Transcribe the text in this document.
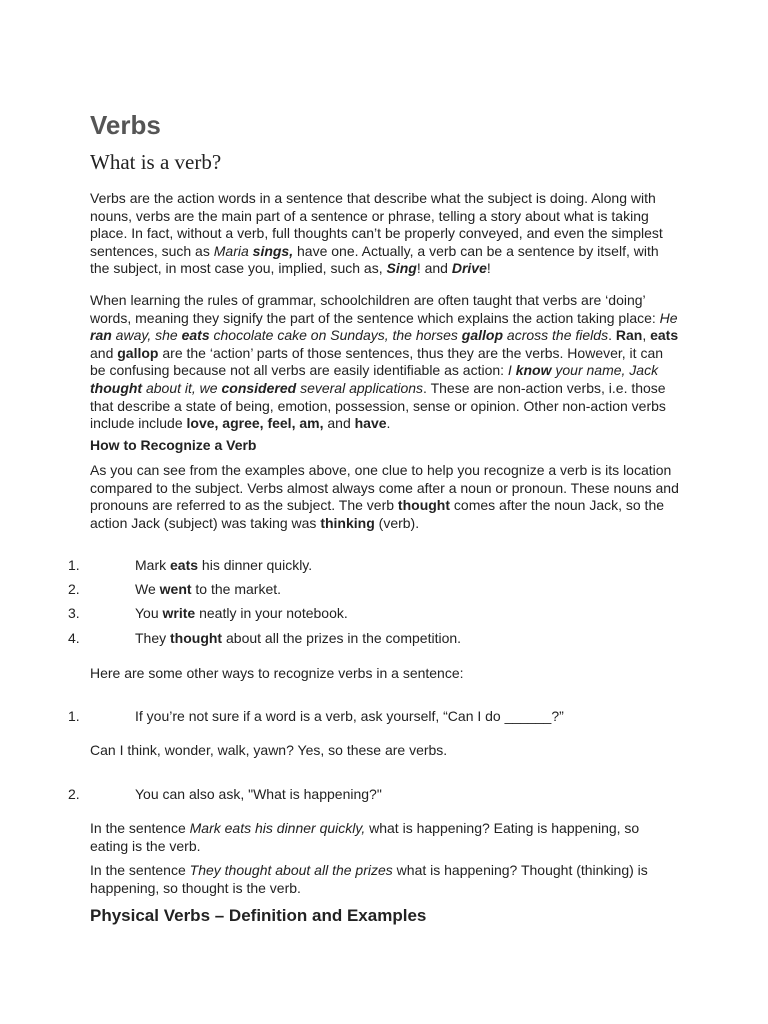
Verbs
What is a verb?
Verbs are the action words in a sentence that describe what the subject is doing. Along with nouns, verbs are the main part of a sentence or phrase, telling a story about what is taking place. In fact, without a verb, full thoughts can’t be properly conveyed, and even the simplest sentences, such as Maria sings, have one. Actually, a verb can be a sentence by itself, with the subject, in most case you, implied, such as, Sing! and Drive!
When learning the rules of grammar, schoolchildren are often taught that verbs are ‘doing’ words, meaning they signify the part of the sentence which explains the action taking place: He ran away, she eats chocolate cake on Sundays, the horses gallop across the fields. Ran, eats and gallop are the ‘action’ parts of those sentences, thus they are the verbs. However, it can be confusing because not all verbs are easily identifiable as action: I know your name, Jack thought about it, we considered several applications. These are non-action verbs, i.e. those that describe a state of being, emotion, possession, sense or opinion. Other non-action verbs include include love, agree, feel, am, and have.
How to Recognize a Verb
As you can see from the examples above, one clue to help you recognize a verb is its location compared to the subject. Verbs almost always come after a noun or pronoun. These nouns and pronouns are referred to as the subject. The verb thought comes after the noun Jack, so the action Jack (subject) was taking was thinking (verb).
1.	Mark eats his dinner quickly.
2.	We went to the market.
3.	You write neatly in your notebook.
4.	They thought about all the prizes in the competition.
Here are some other ways to recognize verbs in a sentence:
1.	If you’re not sure if a word is a verb, ask yourself, “Can I do ______?”
Can I think, wonder, walk, yawn? Yes, so these are verbs.
2.	You can also ask, "What is happening?"
In the sentence Mark eats his dinner quickly, what is happening? Eating is happening, so eating is the verb.
In the sentence They thought about all the prizes what is happening? Thought (thinking) is happening, so thought is the verb.
Physical Verbs – Definition and Examples
